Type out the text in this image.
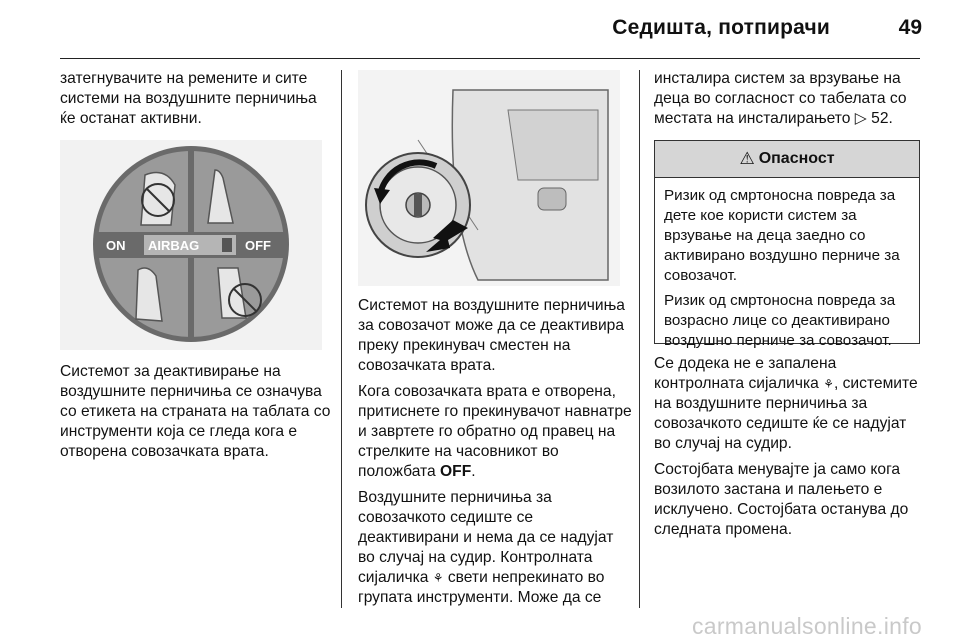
Седишта, потпирачи	49

затегнувачите на ремените и сите системи на воздушните перничиња ќе останат активни.

ON AIRBAG	OFF

Системот за деактивирање на воздушните перничиња се означува со етикета на страната на таблата со инструменти која се гледа кога е отворена совозачката врата.

Системот на воздушните перничиња за совозачот може да се деактивира преку прекинувач сместен на совозачката врата.

Кога совозачката врата е отворена, притиснете го прекинувачот навнатре и завртете го обратно од правец на стрелките на часовникот во положбата OFF.

Воздушните перничиња за совозачкото седиште се деактивирани и нема да се надујат во случај на судир. Контролната сијаличка ⚘ свети непрекинато во групата инструменти. Може да се

инсталира систем за врзување на деца во согласност со табелата со местата на инсталирањето ▷ 52.

⚠ Опасност

Ризик од смртоносна повреда за дете кое користи систем за врзување на деца заедно со активирано воздушно перниче за совозачот.

Ризик од смртоносна повреда за возрасно лице со деактивирано воздушно перниче за совозачот.

Се додека не е запалена контролната сијаличка ⚘, системите на воздушните перничиња за совозачкото седиште ќе се надујат во случај на судир.

Состојбата менувајте ја само кога возилото застана и палењето е исклучено. Состојбата останува до следната промена.

carmanualsonline.info
